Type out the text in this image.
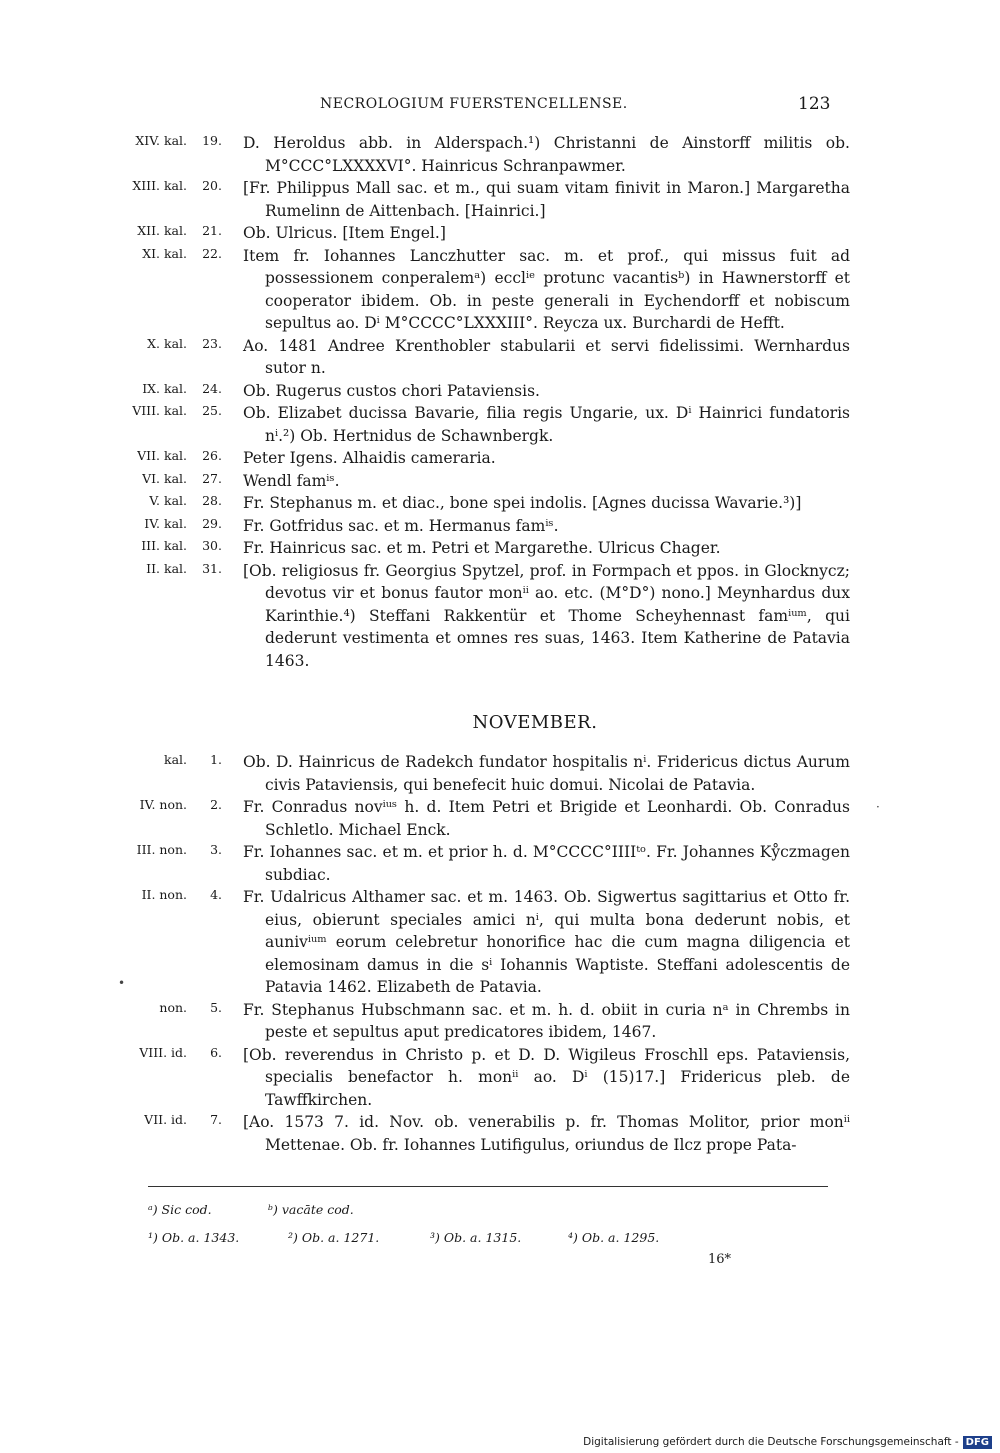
NECROLOGIUM FUERSTENCELLENSE.	123
XIV. kal.	19. D. Heroldus abb. in Alderspach.¹) Christanni de Ainstorff militis ob. M°CCC°LXXXXVI°. Hainricus Schranpawmer.
XIII. kal.	20. [Fr. Philippus Mall sac. et m., qui suam vitam finivit in Maron.] Margaretha Rumelinn de Aittenbach. [Hainrici.]
XII. kal.	21. Ob. Ulricus. [Item Engel.]
XI. kal.	22. Item fr. Iohannes Lanczhutter sac. m. et prof., qui missus fuit ad possessionem conperalemᵃ) ecclⁱᵉ protunc vacantisᵇ) in Hawnerstorff et cooperator ibidem. Ob. in peste generali in Eychendorff et nobiscum sepultus ao. Dⁱ M°CCCC°LXXXIII°. Reycza ux. Burchardi de Hefft.
X. kal.	23. Ao. 1481 Andree Krenthobler stabularii et servi fidelissimi. Wernhardus sutor n.
IX. kal.	24. Ob. Rugerus custos chori Pataviensis.
VIII. kal.	25. Ob. Elizabet ducissa Bavarie, filia regis Ungarie, ux. Dⁱ Hainrici fundatoris nⁱ.²) Ob. Hertnidus de Schawnbergk.
VII. kal.	26. Peter Igens. Alhaidis cameraria.
VI. kal.	27. Wendl famⁱˢ.
V. kal.	28. Fr. Stephanus m. et diac., bone spei indolis. [Agnes ducissa Wavarie.³)]
IV. kal.	29. Fr. Gotfridus sac. et m. Hermanus famⁱˢ.
III. kal.	30. Fr. Hainricus sac. et m. Petri et Margarethe. Ulricus Chager.
II. kal.	31. [Ob. religiosus fr. Georgius Spytzel, prof. in Formpach et ppos. in Glocknycz; devotus vir et bonus fautor monⁱⁱ ao. etc. (M°D°) nono.] Meynhardus dux Karinthie.⁴) Steffani Rakkentür et Thome Scheyhennast famⁱᵘᵐ, qui dederunt vestimenta et omnes res suas, 1463. Item Katherine de Patavia 1463.
NOVEMBER.
kal.	1. Ob. D. Hainricus de Radekch fundator hospitalis nⁱ. Fridericus dictus Aurum civis Pataviensis, qui benefecit huic domui. Nicolai de Patavia.
IV. non.	2. Fr. Conradus novⁱᵘˢ h. d. Item Petri et Brigide et Leonhardi. Ob. Conradus Schletlo. Michael Enck.
III. non.	3. Fr. Iohannes sac. et m. et prior h. d. M°CCCC°IIIIᵗᵒ. Fr. Johannes Kẙczmagen subdiac.
II. non.	4. Fr. Udalricus Althamer sac. et m. 1463. Ob. Sigwertus sagittarius et Otto fr. eius, obierunt speciales amici nⁱ, qui multa bona dederunt nobis, et aunivⁱᵘᵐ eorum celebretur honorifice hac die cum magna diligencia et elemosinam damus in die sⁱ Iohannis Waptiste. Steffani adolescentis de Patavia 1462. Elizabeth de Patavia.
non.	5. Fr. Stephanus Hubschmann sac. et m. h. d. obiit in curia nᵃ in Chrembs in peste et sepultus aput predicatores ibidem, 1467.
VIII. id.	6. [Ob. reverendus in Christo p. et D. D. Wigileus Froschll eps. Pataviensis, specialis benefactor h. monⁱⁱ ao. Dⁱ (15)17.] Fridericus pleb. de Tawffkirchen.
VII. id.	7. [Ao. 1573 7. id. Nov. ob. venerabilis p. fr. Thomas Molitor, prior monⁱⁱ Mettenae. Ob. fr. Iohannes Lutifigulus, oriundus de Ilcz prope Pata-
•
·
ᵃ) Sic cod.	ᵇ) vacāte cod.
¹) Ob. a. 1343.	²) Ob. a. 1271.	³) Ob. a. 1315.	⁴) Ob. a. 1295.
16*
Digitalisierung gefördert durch die Deutsche Forschungsgemeinschaft - DFG
